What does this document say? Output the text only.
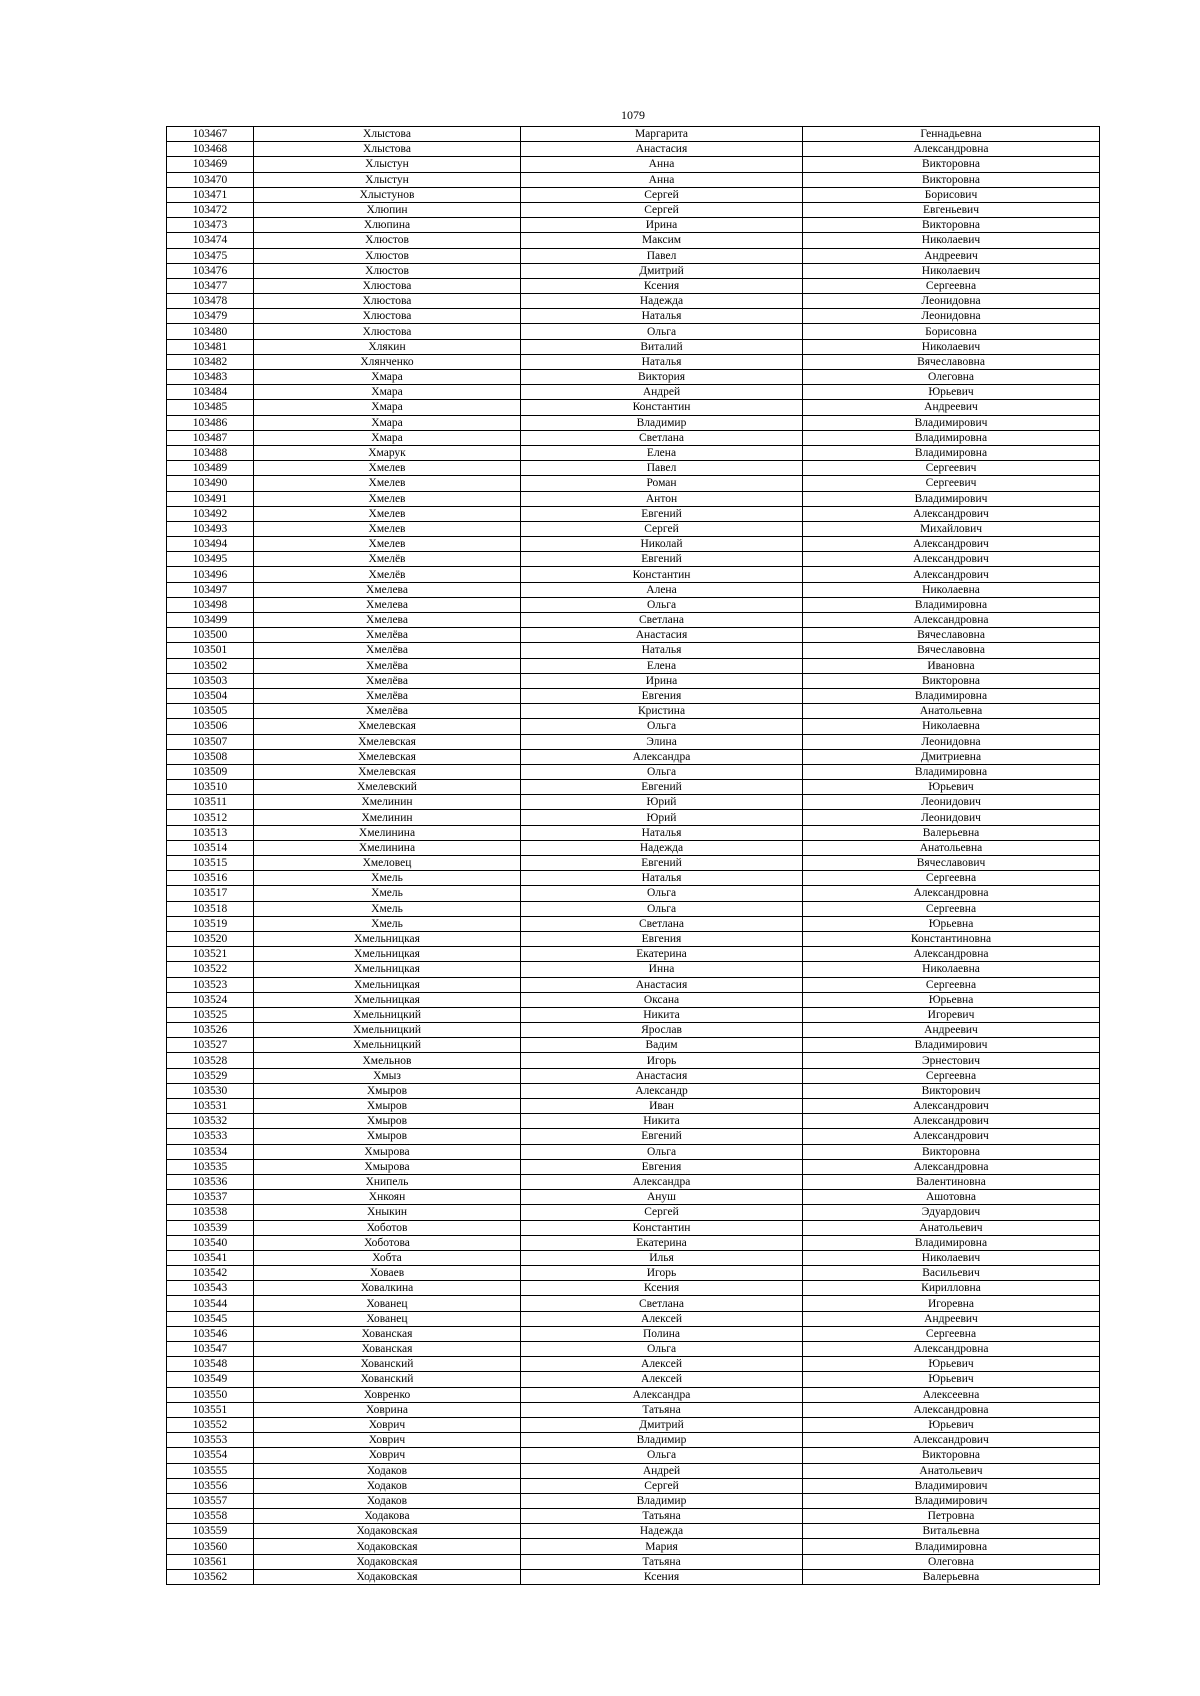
1079
103467	Хлыстова	Маргарита	Геннадьевна
103468	Хлыстова	Анастасия	Александровна
103469	Хлыстун	Анна	Викторовна
103470	Хлыстун	Анна	Викторовна
103471	Хлыстунов	Сергей	Борисович
103472	Хлюпин	Сергей	Евгеньевич
103473	Хлюпина	Ирина	Викторовна
103474	Хлюстов	Максим	Николаевич
103475	Хлюстов	Павел	Андреевич
103476	Хлюстов	Дмитрий	Николаевич
103477	Хлюстова	Ксения	Сергеевна
103478	Хлюстова	Надежда	Леонидовна
103479	Хлюстова	Наталья	Леонидовна
103480	Хлюстова	Ольга	Борисовна
103481	Хлякин	Виталий	Николаевич
103482	Хлянченко	Наталья	Вячеславовна
103483	Хмара	Виктория	Олеговна
103484	Хмара	Андрей	Юрьевич
103485	Хмара	Константин	Андреевич
103486	Хмара	Владимир	Владимирович
103487	Хмара	Светлана	Владимировна
103488	Хмарук	Елена	Владимировна
103489	Хмелев	Павел	Сергеевич
103490	Хмелев	Роман	Сергеевич
103491	Хмелев	Антон	Владимирович
103492	Хмелев	Евгений	Александрович
103493	Хмелев	Сергей	Михайлович
103494	Хмелев	Николай	Александрович
103495	Хмелёв	Евгений	Александрович
103496	Хмелёв	Константин	Александрович
103497	Хмелева	Алена	Николаевна
103498	Хмелева	Ольга	Владимировна
103499	Хмелева	Светлана	Александровна
103500	Хмелёва	Анастасия	Вячеславовна
103501	Хмелёва	Наталья	Вячеславовна
103502	Хмелёва	Елена	Ивановна
103503	Хмелёва	Ирина	Викторовна
103504	Хмелёва	Евгения	Владимировна
103505	Хмелёва	Кристина	Анатольевна
103506	Хмелевская	Ольга	Николаевна
103507	Хмелевская	Элина	Леонидовна
103508	Хмелевская	Александра	Дмитриевна
103509	Хмелевская	Ольга	Владимировна
103510	Хмелевский	Евгений	Юрьевич
103511	Хмелинин	Юрий	Леонидович
103512	Хмелинин	Юрий	Леонидович
103513	Хмелинина	Наталья	Валерьевна
103514	Хмелинина	Надежда	Анатольевна
103515	Хмеловец	Евгений	Вячеславович
103516	Хмель	Наталья	Сергеевна
103517	Хмель	Ольга	Александровна
103518	Хмель	Ольга	Сергеевна
103519	Хмель	Светлана	Юрьевна
103520	Хмельницкая	Евгения	Константиновна
103521	Хмельницкая	Екатерина	Александровна
103522	Хмельницкая	Инна	Николаевна
103523	Хмельницкая	Анастасия	Сергеевна
103524	Хмельницкая	Оксана	Юрьевна
103525	Хмельницкий	Никита	Игоревич
103526	Хмельницкий	Ярослав	Андреевич
103527	Хмельницкий	Вадим	Владимирович
103528	Хмельнов	Игорь	Эрнестович
103529	Хмыз	Анастасия	Сергеевна
103530	Хмыров	Александр	Викторович
103531	Хмыров	Иван	Александрович
103532	Хмыров	Никита	Александрович
103533	Хмыров	Евгений	Александрович
103534	Хмырова	Ольга	Викторовна
103535	Хмырова	Евгения	Александровна
103536	Хнипель	Александра	Валентиновна
103537	Хнкоян	Ануш	Ашотовна
103538	Хныкин	Сергей	Эдуардович
103539	Хоботов	Константин	Анатольевич
103540	Хоботова	Екатерина	Владимировна
103541	Хобта	Илья	Николаевич
103542	Ховаев	Игорь	Васильевич
103543	Ховалкина	Ксения	Кирилловна
103544	Хованец	Светлана	Игоревна
103545	Хованец	Алексей	Андреевич
103546	Хованская	Полина	Сергеевна
103547	Хованская	Ольга	Александровна
103548	Хованский	Алексей	Юрьевич
103549	Хованский	Алексей	Юрьевич
103550	Ховренко	Александра	Алексеевна
103551	Ховрина	Татьяна	Александровна
103552	Ховрич	Дмитрий	Юрьевич
103553	Ховрич	Владимир	Александрович
103554	Ховрич	Ольга	Викторовна
103555	Ходаков	Андрей	Анатольевич
103556	Ходаков	Сергей	Владимирович
103557	Ходаков	Владимир	Владимирович
103558	Ходакова	Татьяна	Петровна
103559	Ходаковская	Надежда	Витальевна
103560	Ходаковская	Мария	Владимировна
103561	Ходаковская	Татьяна	Олеговна
103562	Ходаковская	Ксения	Валерьевна
